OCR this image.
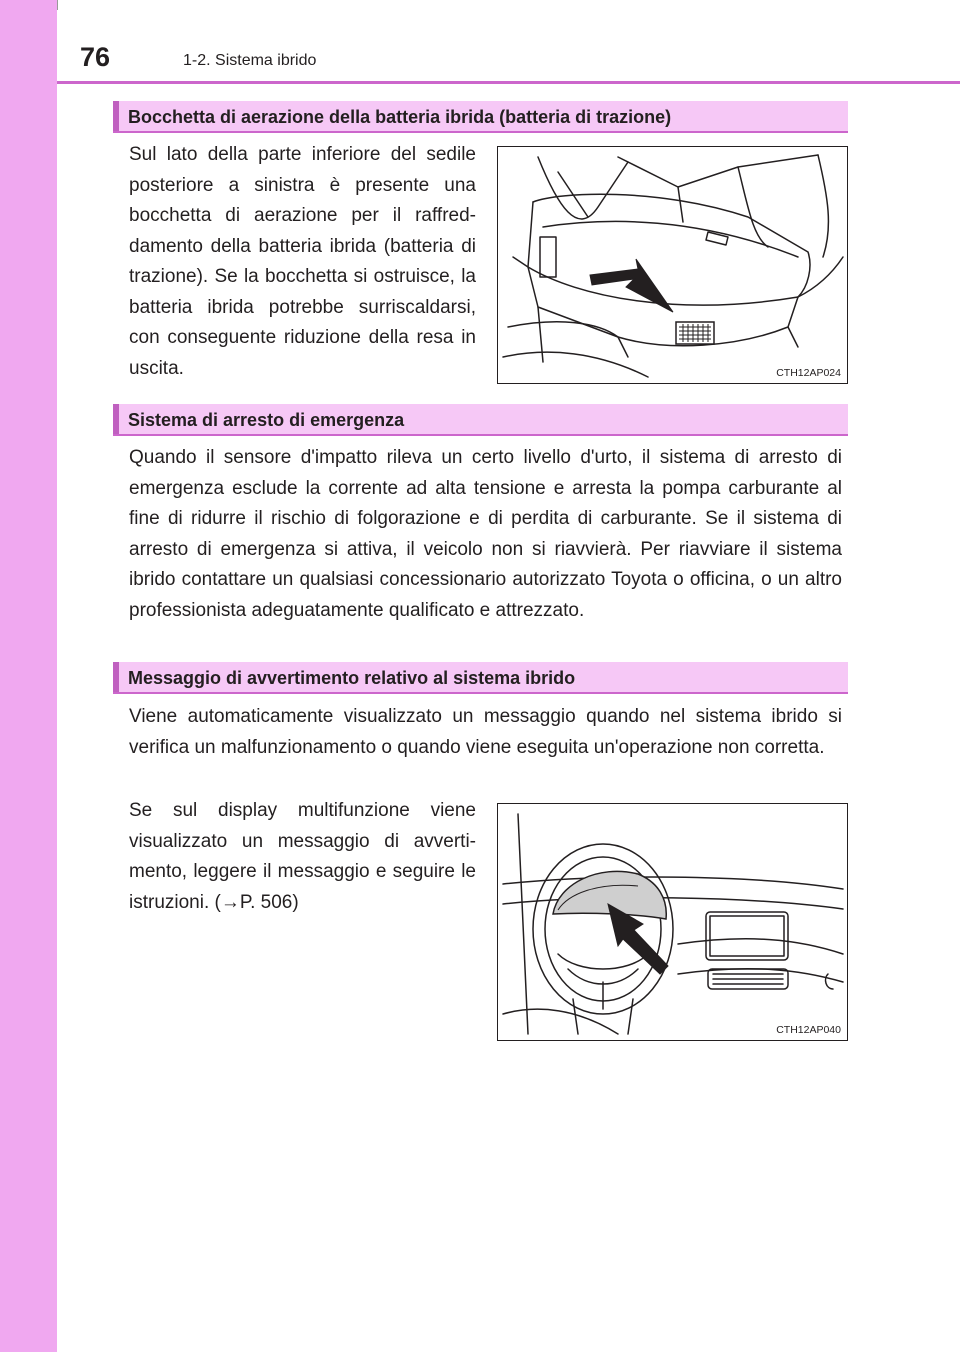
76	1-2. Sistema ibrido
Bocchetta di aerazione della batteria ibrida (batteria di trazione)

Sul lato della parte inferiore del sedile posteriore a sinistra è presente una bocchetta di aerazione per il raffreddamento della batteria ibrida (batteria di trazione). Se la bocchetta si ostruisce, la batteria ibrida potrebbe surriscaldarsi, con conseguente riduzione della resa in uscita.	CTH12AP024
Sistema di arresto di emergenza

Quando il sensore d'impatto rileva un certo livello d'urto, il sistema di arresto di emergenza esclude la corrente ad alta tensione e arresta la pompa carburante al fine di ridurre il rischio di folgorazione e di perdita di carburante. Se il sistema di arresto di emergenza si attiva, il veicolo non si riavvierà. Per riavviare il sistema ibrido contattare un qualsiasi concessionario autorizzato Toyota o officina, o un altro professionista adeguatamente qualificato e attrezzato.

Messaggio di avvertimento relativo al sistema ibrido

Viene automaticamente visualizzato un messaggio quando nel sistema ibrido si verifica un malfunzionamento o quando viene eseguita un'operazione non corretta.

Se sul display multifunzione viene visualizzato un messaggio di avvertimento, leggere il messaggio e seguire le istruzioni. (→P. 506)

CTH12AP040
